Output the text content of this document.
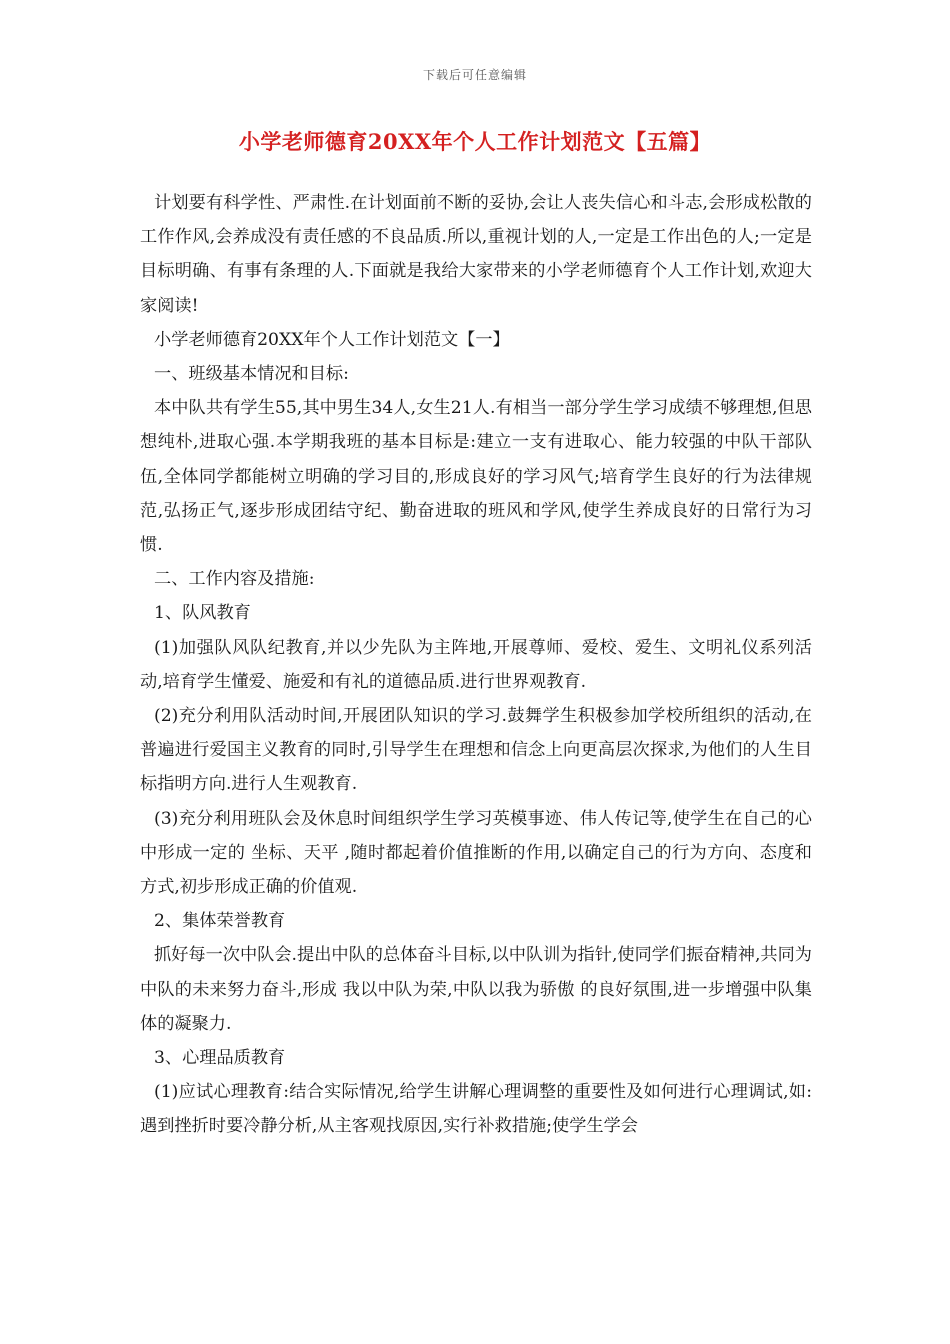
下载后可任意编辑
小学老师德育20XX年个人工作计划范文【五篇】

计划要有科学性、严肃性.在计划面前不断的妥协,会让人丧失信心和斗志,会形成松散的工作作风,会养成没有责任感的不良品质.所以,重视计划的人,一定是工作出色的人;一定是目标明确、有事有条理的人.下面就是我给大家带来的小学老师德育个人工作计划,欢迎大家阅读!

小学老师德育20XX年个人工作计划范文【一】

一、班级基本情况和目标:

本中队共有学生55,其中男生34人,女生21人.有相当一部分学生学习成绩不够理想,但思想纯朴,进取心强.本学期我班的基本目标是:建立一支有进取心、能力较强的中队干部队伍,全体同学都能树立明确的学习目的,形成良好的学习风气;培育学生良好的行为法律规范,弘扬正气,逐步形成团结守纪、勤奋进取的班风和学风,使学生养成良好的日常行为习惯.

二、工作内容及措施:

1、队风教育

(1)加强队风队纪教育,并以少先队为主阵地,开展尊师、爱校、爱生、文明礼仪系列活动,培育学生懂爱、施爱和有礼的道德品质.进行世界观教育.

(2)充分利用队活动时间,开展团队知识的学习.鼓舞学生积极参加学校所组织的活动,在普遍进行爱国主义教育的同时,引导学生在理想和信念上向更高层次探求,为他们的人生目标指明方向.进行人生观教育.

(3)充分利用班队会及休息时间组织学生学习英模事迹、伟人传记等,使学生在自己的心中形成一定的 坐标、天平 ,随时都起着价值推断的作用,以确定自己的行为方向、态度和方式,初步形成正确的价值观.

2、集体荣誉教育

抓好每一次中队会.提出中队的总体奋斗目标,以中队训为指针,使同学们振奋精神,共同为中队的未来努力奋斗,形成 我以中队为荣,中队以我为骄傲 的良好氛围,进一步增强中队集体的凝聚力.

3、心理品质教育

(1)应试心理教育:结合实际情况,给学生讲解心理调整的重要性及如何进行心理调试,如:遇到挫折时要冷静分析,从主客观找原因,实行补救措施;使学生学会
